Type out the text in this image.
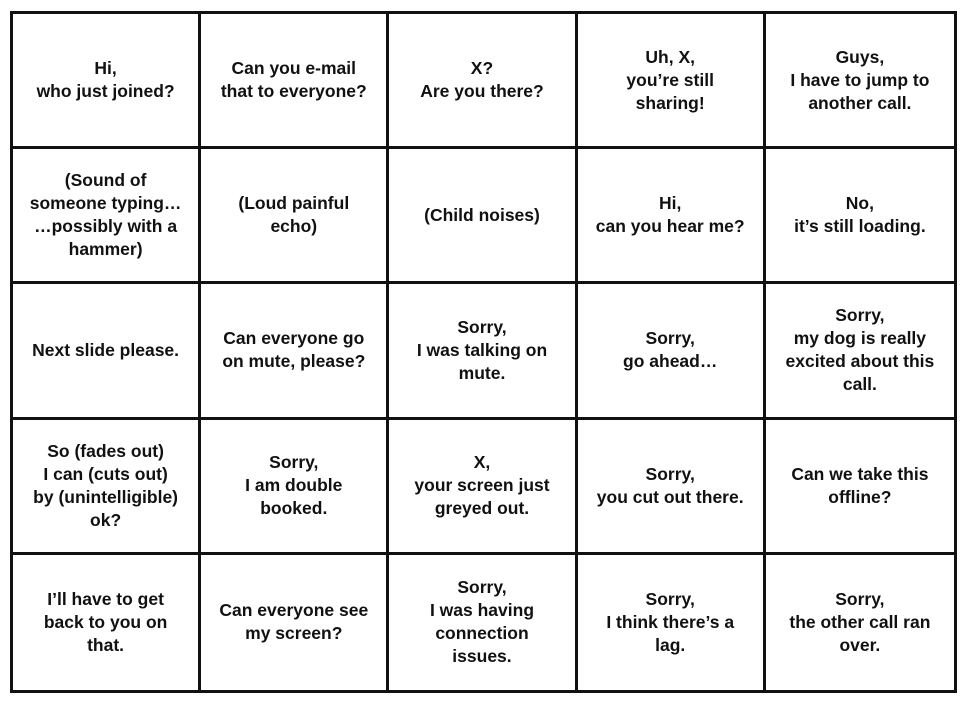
Hi,
who just joined?
Can you e-mail
that to everyone?
X?
Are you there?
Uh, X,
you’re still
sharing!
Guys,
I have to jump to
another call.
(Sound of
someone typing…
…possibly with a
hammer)
(Loud painful
echo)
(Child noises)
Hi,
can you hear me?
No,
it’s still loading.
Next slide please.
Can everyone go
on mute, please?
Sorry,
I was talking on
mute.
Sorry,
go ahead…
Sorry,
my dog is really
excited about this
call.
So (fades out)
I can (cuts out)
by (unintelligible)
ok?
Sorry,
I am double
booked.
X,
your screen just
greyed out.
Sorry,
you cut out there.
Can we take this
offline?
I’ll have to get
back to you on
that.
Can everyone see
my screen?
Sorry,
I was having
connection
issues.
Sorry,
I think there’s a
lag.
Sorry,
the other call ran
over.
